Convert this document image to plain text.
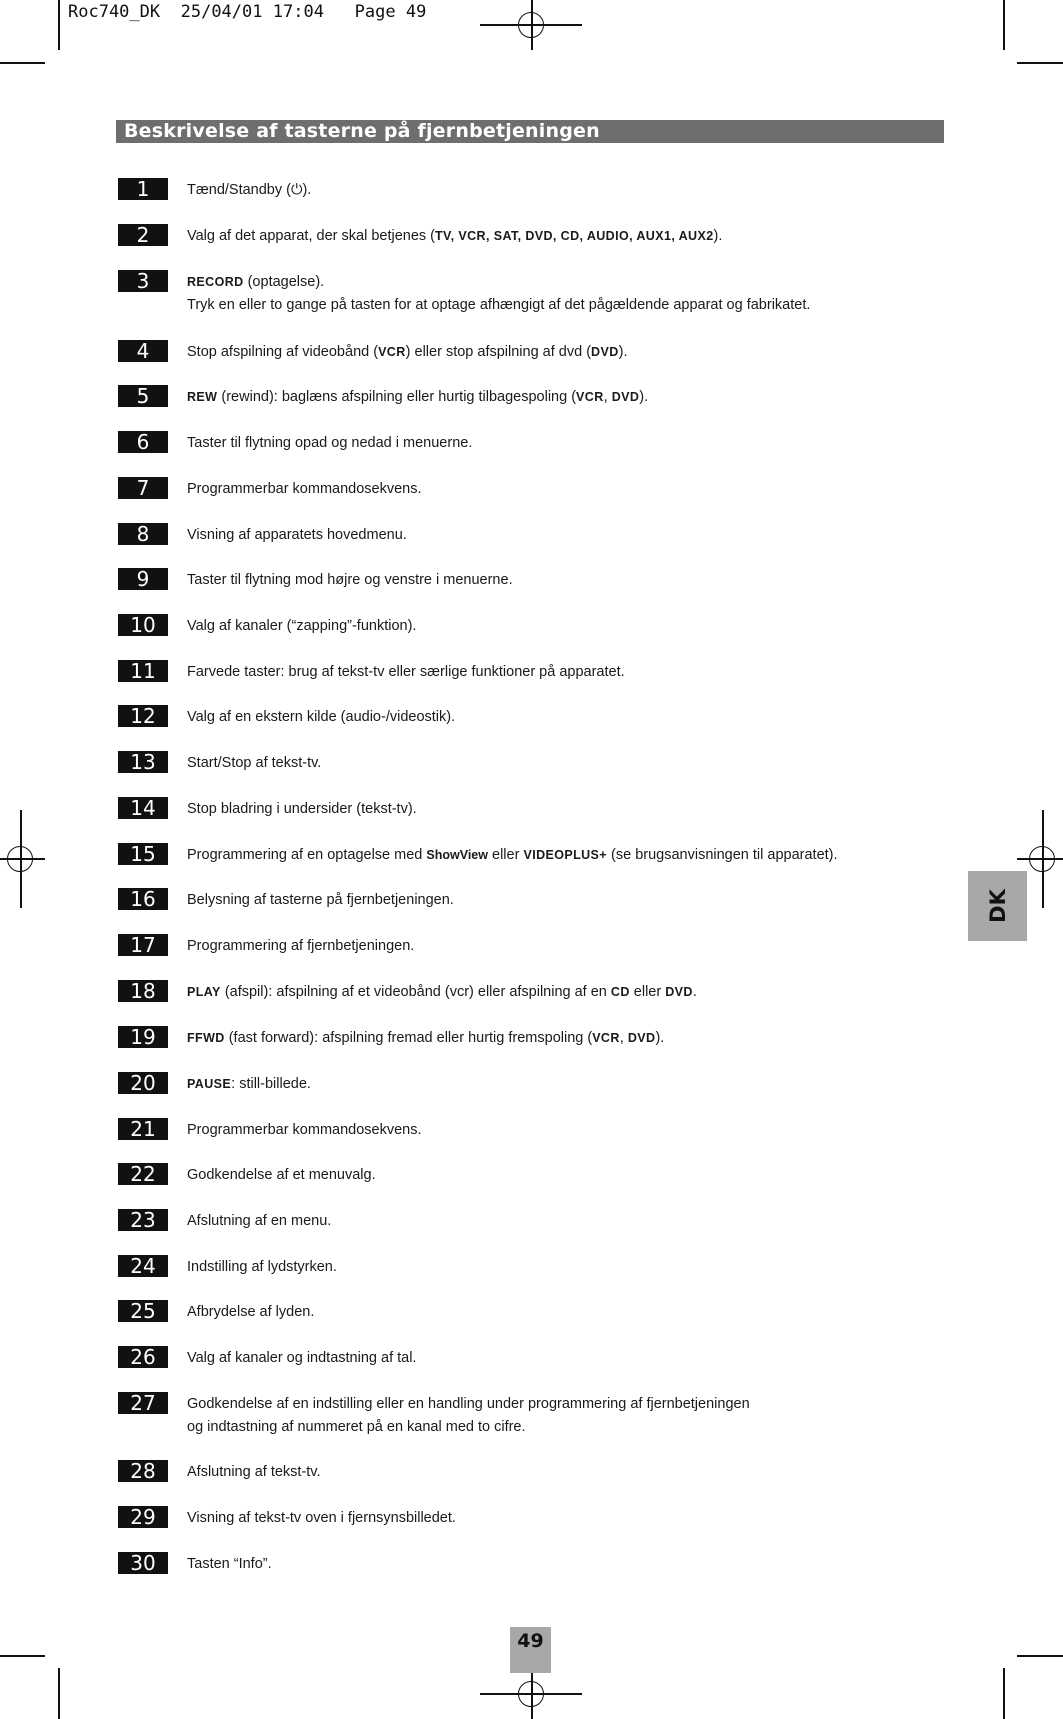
Roc740_DK 25/04/01 17:04 Page 49
Beskrivelse af tasterne på fjernbetjeningen
1	Tænd/Standby (⏻).
2	Valg af det apparat, der skal betjenes (TV, VCR, SAT, DVD, CD, AUDIO, AUX1, AUX2).
3	RECORD (optagelse).
Tryk en eller to gange på tasten for at optage afhængigt af det pågældende apparat og fabrikatet.
4	Stop afspilning af videobånd (VCR) eller stop afspilning af dvd (DVD).
5	REW (rewind): baglæns afspilning eller hurtig tilbagespoling (VCR, DVD).
6	Taster til flytning opad og nedad i menuerne.
7	Programmerbar kommandosekvens.
8	Visning af apparatets hovedmenu.
9	Taster til flytning mod højre og venstre i menuerne.
10	Valg af kanaler (“zapping”-funktion).
11	Farvede taster: brug af tekst-tv eller særlige funktioner på apparatet.
12	Valg af en ekstern kilde (audio-/videostik).
13	Start/Stop af tekst-tv.
14	Stop bladring i undersider (tekst-tv).
15	Programmering af en optagelse med ShowView eller VIDEOPLUS+ (se brugsanvisningen til apparatet).
16	Belysning af tasterne på fjernbetjeningen.
17	Programmering af fjernbetjeningen.
18	PLAY (afspil): afspilning af et videobånd (vcr) eller afspilning af en CD eller DVD.
19	FFWD (fast forward): afspilning fremad eller hurtig fremspoling (VCR, DVD).
20	PAUSE: still-billede.
21	Programmerbar kommandosekvens.
22	Godkendelse af et menuvalg.
23	Afslutning af en menu.
24	Indstilling af lydstyrken.
25	Afbrydelse af lyden.
26	Valg af kanaler og indtastning af tal.
27	Godkendelse af en indstilling eller en handling under programmering af fjernbetjeningen
og indtastning af nummeret på en kanal med to cifre.
28	Afslutning af tekst-tv.
29	Visning af tekst-tv oven i fjernsynsbilledet.
30	Tasten “Info”.
DK
49
